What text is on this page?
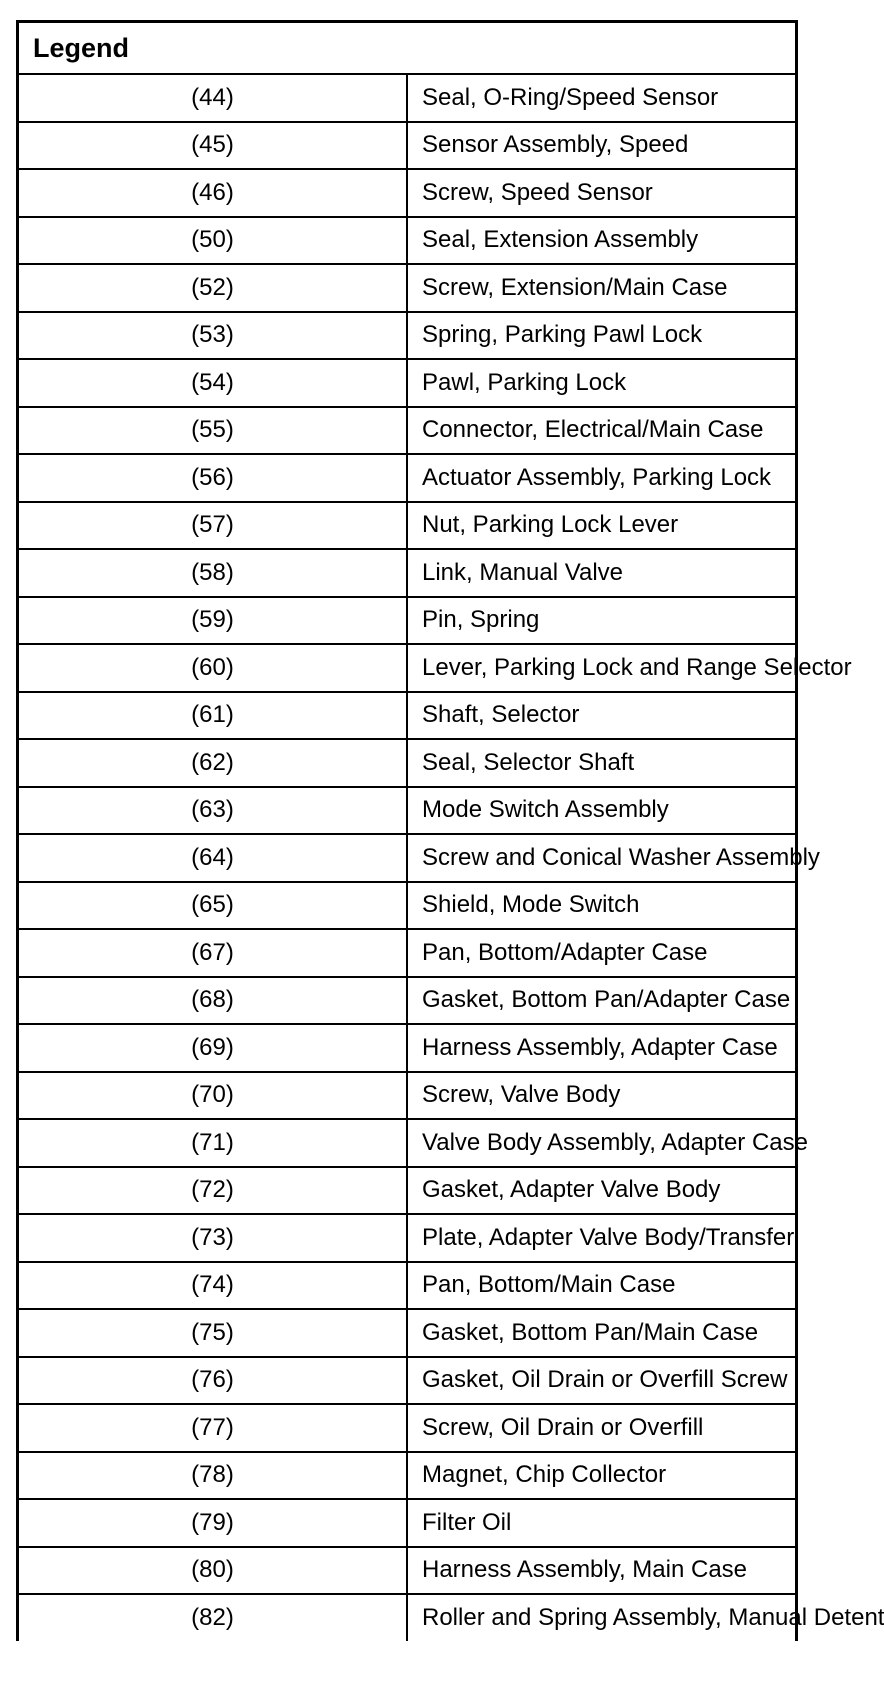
Legend	
(44)	Seal, O-Ring/Speed Sensor
(45)	Sensor Assembly, Speed
(46)	Screw, Speed Sensor
(50)	Seal, Extension Assembly
(52)	Screw, Extension/Main Case
(53)	Spring, Parking Pawl Lock
(54)	Pawl, Parking Lock
(55)	Connector, Electrical/Main Case
(56)	Actuator Assembly, Parking Lock
(57)	Nut, Parking Lock Lever
(58)	Link, Manual Valve
(59)	Pin, Spring
(60)	Lever, Parking Lock and Range Selector
(61)	Shaft, Selector
(62)	Seal, Selector Shaft
(63)	Mode Switch Assembly
(64)	Screw and Conical Washer Assembly
(65)	Shield, Mode Switch
(67)	Pan, Bottom/Adapter Case
(68)	Gasket, Bottom Pan/Adapter Case
(69)	Harness Assembly, Adapter Case
(70)	Screw, Valve Body
(71)	Valve Body Assembly, Adapter Case
(72)	Gasket, Adapter Valve Body
(73)	Plate, Adapter Valve Body/Transfer
(74)	Pan, Bottom/Main Case
(75)	Gasket, Bottom Pan/Main Case
(76)	Gasket, Oil Drain or Overfill Screw
(77)	Screw, Oil Drain or Overfill
(78)	Magnet, Chip Collector
(79)	Filter Oil
(80)	Harness Assembly, Main Case
(82)	Roller and Spring Assembly, Manual Detent
